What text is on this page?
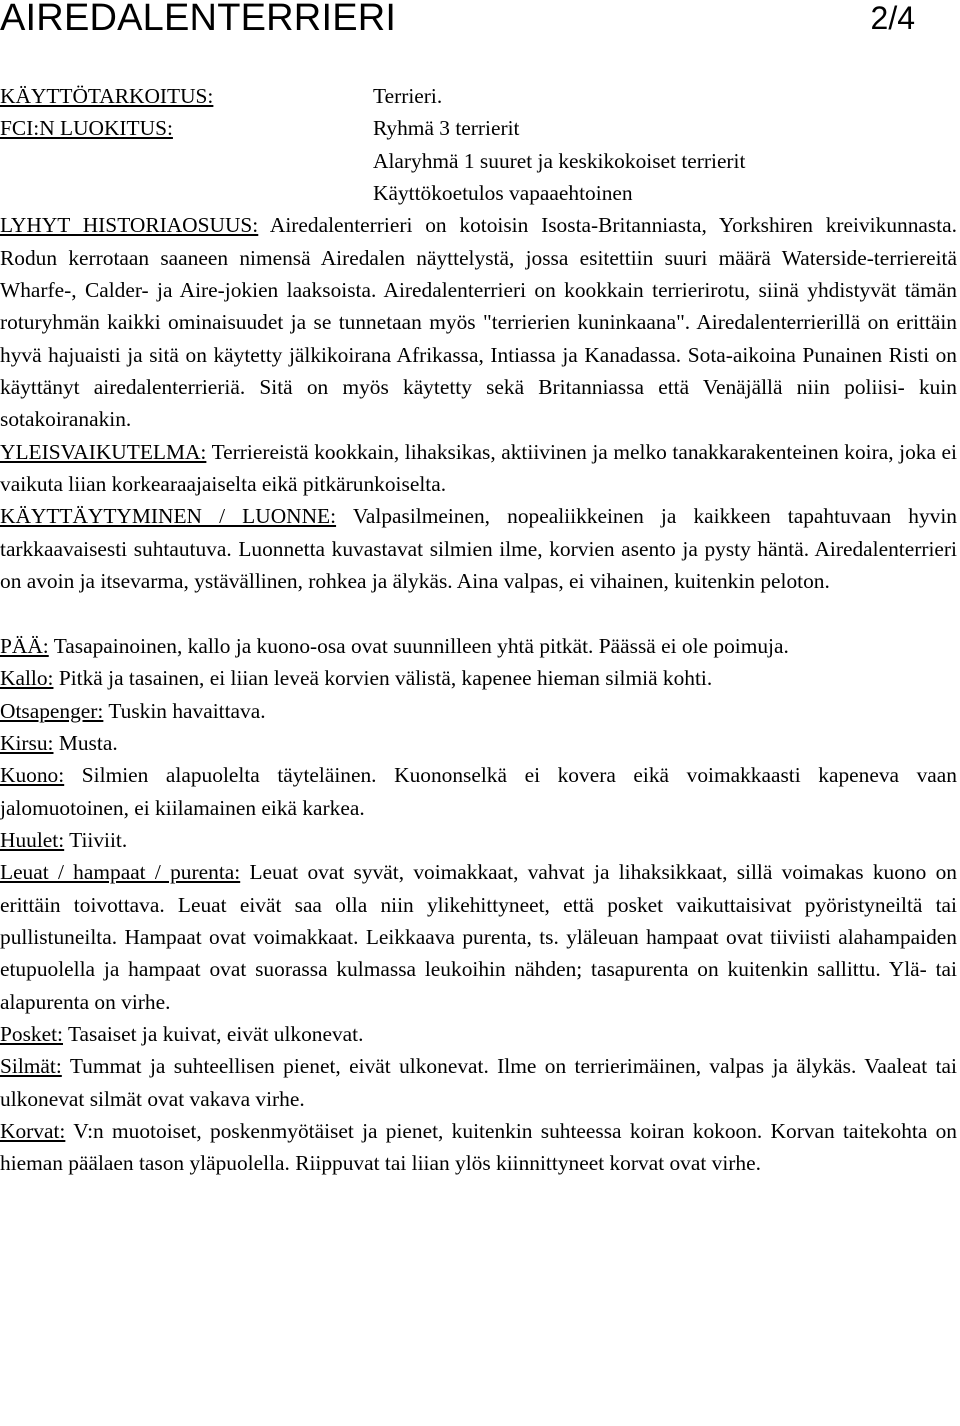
AIREDALENTERRIERI	2/4
KÄYTTÖTARKOITUS:	Terrieri.
FCI:N LUOKITUS:	Ryhmä 3 terrierit
Alaryhmä 1 suuret ja keskikokoiset terrierit
Käyttökoetulos vapaaehtoinen

LYHYT HISTORIAOSUUS: Airedalenterrieri on kotoisin Isosta-Britanniasta, Yorkshiren kreivikunnasta. Rodun kerrotaan saaneen nimensä Airedalen näyttelystä, jossa esitettiin suuri määrä Waterside-terriereitä Wharfe-, Calder- ja Aire-jokien laaksoista. Airedalenterrieri on kookkain terrierirotu, siinä yhdistyvät tämän roturyhmän kaikki ominaisuudet ja se tunnetaan myös "terrierien kuninkaana". Airedalenterrierillä on erittäin hyvä hajuaisti ja sitä on käytetty jälkikoirana Afrikassa, Intiassa ja Kanadassa. Sota-aikoina Punainen Risti on käyttänyt airedalenterrieriä. Sitä on myös käytetty sekä Britanniassa että Venäjällä niin poliisi- kuin sotakoiranakin.

YLEISVAIKUTELMA: Terriereistä kookkain, lihaksikas, aktiivinen ja melko tanakkarakenteinen koira, joka ei vaikuta liian korkearaajaiselta eikä pitkärunkoiselta.

KÄYTTÄYTYMINEN / LUONNE: Valpasilmeinen, nopealiikkeinen ja kaikkeen tapahtuvaan hyvin tarkkaavaisesti suhtautuva. Luonnetta kuvastavat silmien ilme, korvien asento ja pysty häntä. Airedalenterrieri on avoin ja itsevarma, ystävällinen, rohkea ja älykäs. Aina valpas, ei vihainen, kuitenkin peloton.

PÄÄ: Tasapainoinen, kallo ja kuono-osa ovat suunnilleen yhtä pitkät. Päässä ei ole poimuja.

Kallo: Pitkä ja tasainen, ei liian leveä korvien välistä, kapenee hieman silmiä kohti.

Otsapenger: Tuskin havaittava.

Kirsu: Musta.

Kuono: Silmien alapuolelta täyteläinen. Kuononselkä ei kovera eikä voimakkaasti kapeneva vaan jalomuotoinen, ei kiilamainen eikä karkea.

Huulet: Tiiviit.

Leuat / hampaat / purenta: Leuat ovat syvät, voimakkaat, vahvat ja lihaksikkaat, sillä voimakas kuono on erittäin toivottava. Leuat eivät saa olla niin ylikehittyneet, että posket vaikuttaisivat pyöristyneiltä tai pullistuneilta. Hampaat ovat voimakkaat. Leikkaava purenta, ts. yläleuan hampaat ovat tiiviisti alahampaiden etupuolella ja hampaat ovat suorassa kulmassa leukoihin nähden; tasapurenta on kuitenkin sallittu. Ylä- tai alapurenta on virhe.

Posket: Tasaiset ja kuivat, eivät ulkonevat.

Silmät: Tummat ja suhteellisen pienet, eivät ulkonevat. Ilme on terrierimäinen, valpas ja älykäs. Vaaleat tai ulkonevat silmät ovat vakava virhe.

Korvat: V:n muotoiset, poskenmyötäiset ja pienet, kuitenkin suhteessa koiran kokoon. Korvan taitekohta on hieman päälaen tason yläpuolella. Riippuvat tai liian ylös kiinnittyneet korvat ovat virhe.
